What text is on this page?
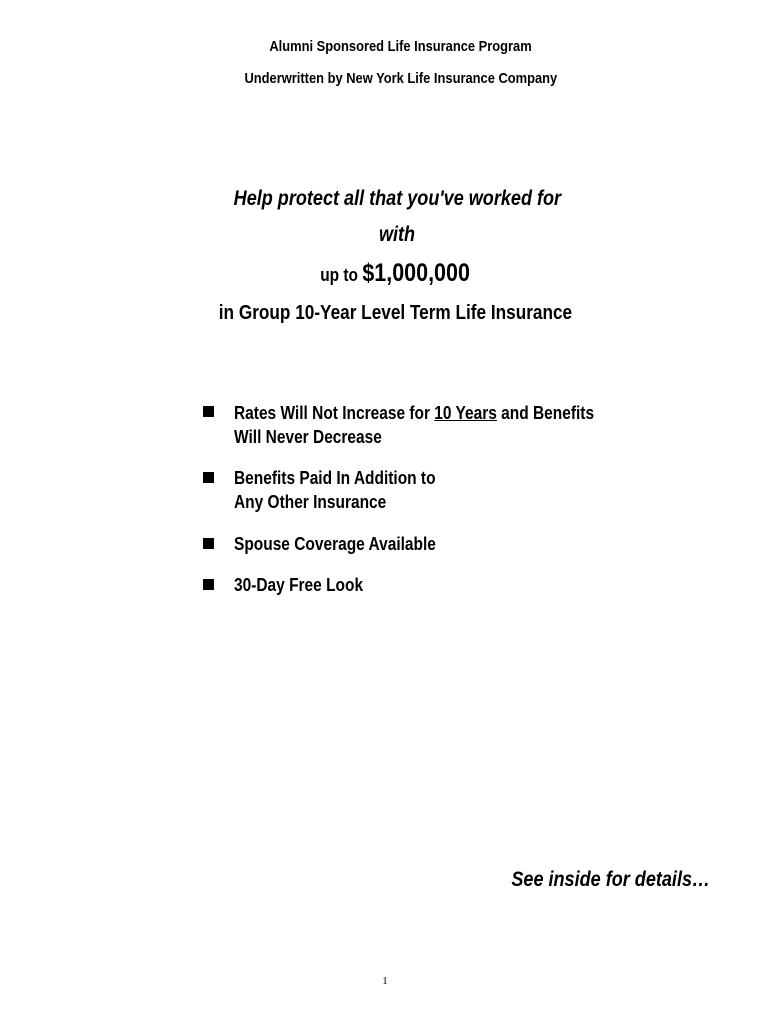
Alumni Sponsored Life Insurance Program
Underwritten by New York Life Insurance Company
Help protect all that you've worked for
with
up to $1,000,000
in Group 10-Year Level Term Life Insurance
Rates Will Not Increase for 10 Years and Benefits
Will Never Decrease
Benefits Paid In Addition to
Any Other Insurance
Spouse Coverage Available
30-Day Free Look
See inside for details…
1
